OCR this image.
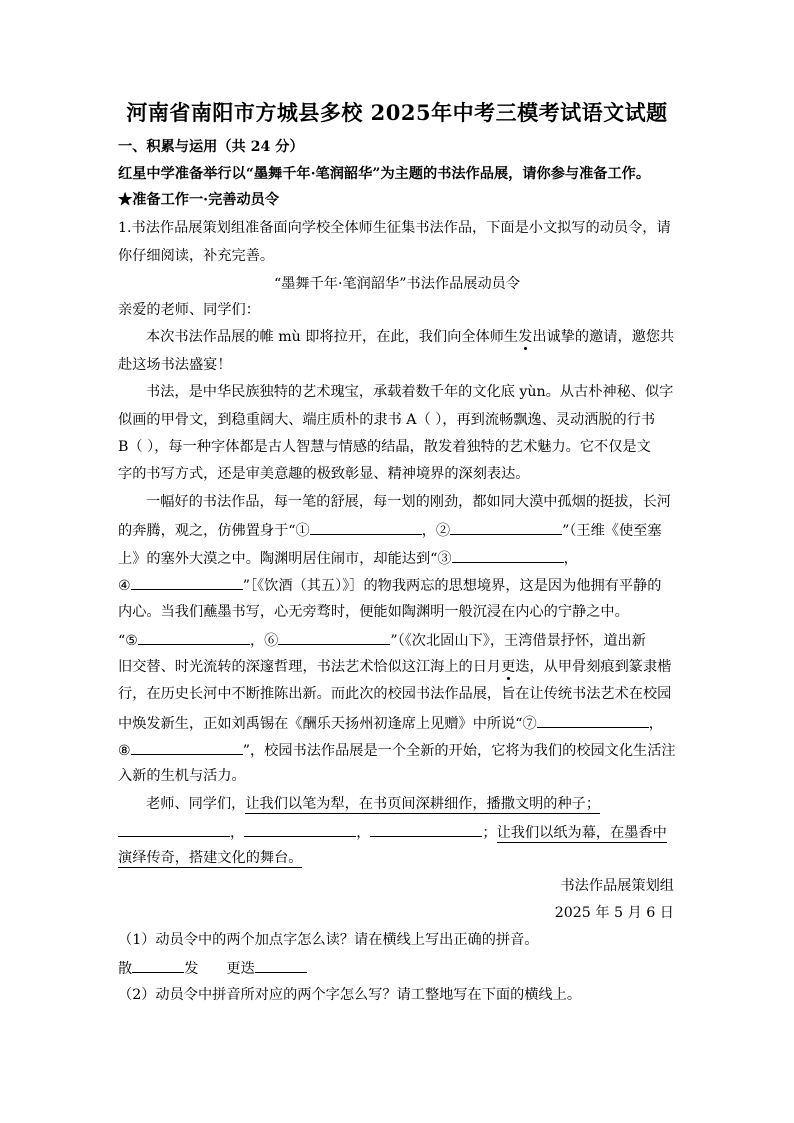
河南省南阳市方城县多校 2025年中考三模考试语文试题
一、积累与运用（共 24 分）
红星中学准备举行以“墨舞千年·笔润韶华”为主题的书法作品展，请你参与准备工作。
★准备工作一·完善动员令
1.书法作品展策划组准备面向学校全体师生征集书法作品，下面是小文拟写的动员令，请
你仔细阅读，补充完善。
“墨舞千年·笔润韶华”书法作品展动员令
亲爱的老师、同学们：
本次书法作品展的帷 mù 即将拉开，在此，我们向全体师生发出诚挚的邀请，邀您共
赴这场书法盛宴！
书法，是中华民族独特的艺术瑰宝，承载着数千年的文化底 yùn。从古朴神秘、似字
似画的甲骨文，到稳重阔大、端庄质朴的隶书 A（ ），再到流畅飘逸、灵动洒脱的行书
B（ ），每一种字体都是古人智慧与情感的结晶，散发着独特的艺术魅力。它不仅是文
字的书写方式，还是审美意趣的极致彰显、精神境界的深刻表达。
一幅好的书法作品，每一笔的舒展，每一划的刚劲，都如同大漠中孤烟的挺拔，长河
的奔腾，观之，仿佛置身于“①	，②	”（王维《使至塞
上》的塞外大漠之中。陶渊明居住闹市，却能达到“③	，
④	”［《饮酒（其五）》］的物我两忘的思想境界，这是因为他拥有平静的
内心。当我们蘸墨书写，心无旁骛时，便能如陶渊明一般沉浸在内心的宁静之中。
“⑤	，⑥	”（《次北固山下》，王湾借景抒怀，道出新
旧交替、时光流转的深邃哲理，书法艺术恰似这江海上的日月更迭，从甲骨刻痕到篆隶楷
行，在历史长河中不断推陈出新。而此次的校园书法作品展，旨在让传统书法艺术在校园
中焕发新生，正如刘禹锡在《酬乐天扬州初逢席上见赠》中所说“⑦	，
⑧	”，校园书法作品展是一个全新的开始，它将为我们的校园文化生活注
入新的生机与活力。
老师、同学们，让我们以笔为犁，在书页间深耕细作，播撒文明的种子；
，	，	；让我们以纸为幕，在墨香中
演绎传奇，搭建文化的舞台。
书法作品展策划组
2025 年 5 月 6 日
（1）动员令中的两个加点字怎么读？请在横线上写出正确的拼音。
散	发 更迭
（2）动员令中拼音所对应的两个字怎么写？请工整地写在下面的横线上。
